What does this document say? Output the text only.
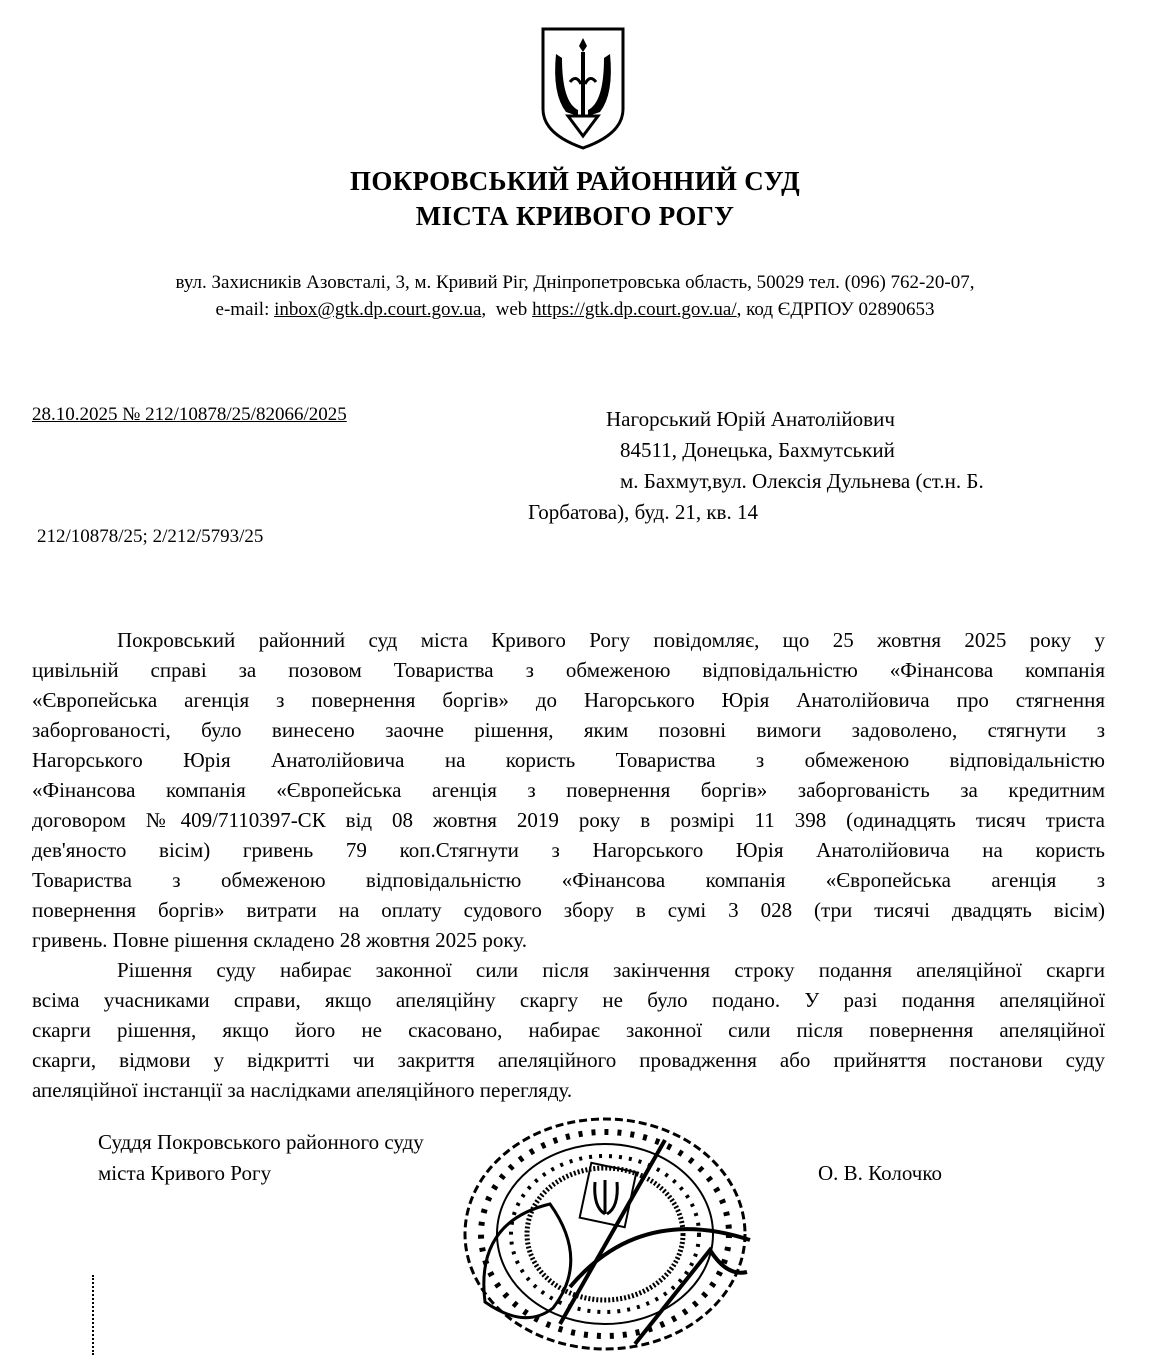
ПОКРОВСЬКИЙ РАЙОННИЙ СУД
МІСТА КРИВОГО РОГУ
вул. Захисників Азовсталі, 3, м. Кривий Ріг, Дніпропетровська область, 50029 тел. (096) 762-20-07,
e-mail: inbox@gtk.dp.court.gov.ua,  web https://gtk.dp.court.gov.ua/, код ЄДРПОУ 02890653
28.10.2025 № 212/10878/25/82066/2025
212/10878/25; 2/212/5793/25
Нагорський Юрій Анатолійович
84511, Донецька, Бахмутський
м. Бахмут,вул. Олексія Дульнева (ст.н. Б.
Горбатова), буд. 21, кв. 14
Покровський районний суд міста Кривого Рогу повідомляє, що 25 жовтня 2025 року у
цивільній справі за позовом Товариства з обмеженою відповідальністю «Фінансова компанія
«Європейська агенція з повернення боргів» до Нагорського Юрія Анатолійовича про стягнення
заборгованості, було винесено заочне рішення, яким позовні вимоги задоволено, стягнути з
Нагорського Юрія Анатолійовича на користь Товариства з обмеженою відповідальністю
«Фінансова компанія «Європейська агенція з повернення боргів» заборгованість за кредитним
договором №409/7110397-СК від 08 жовтня 2019 року в розмірі 11 398 (одинадцять тисяч триста
дев'яносто вісім) гривень 79 коп.Стягнути з Нагорського Юрія Анатолійовича на користь
Товариства з обмеженою відповідальністю «Фінансова компанія «Європейська агенція з
повернення боргів» витрати на оплату судового збору в сумі 3 028 (три тисячі двадцять вісім)
гривень. Повне рішення складено 28 жовтня 2025 року.
Рішення суду набирає законної сили після закінчення строку подання апеляційної скарги
всіма учасниками справи, якщо апеляційну скаргу не було подано. У разі подання апеляційної
скарги рішення, якщо його не скасовано, набирає законної сили після повернення апеляційної
скарги, відмови у відкритті чи закриття апеляційного провадження або прийняття постанови суду
апеляційної інстанції за наслідками апеляційного перегляду.
Суддя Покровського районного суду
міста Кривого Рогу	О. В. Колочко
